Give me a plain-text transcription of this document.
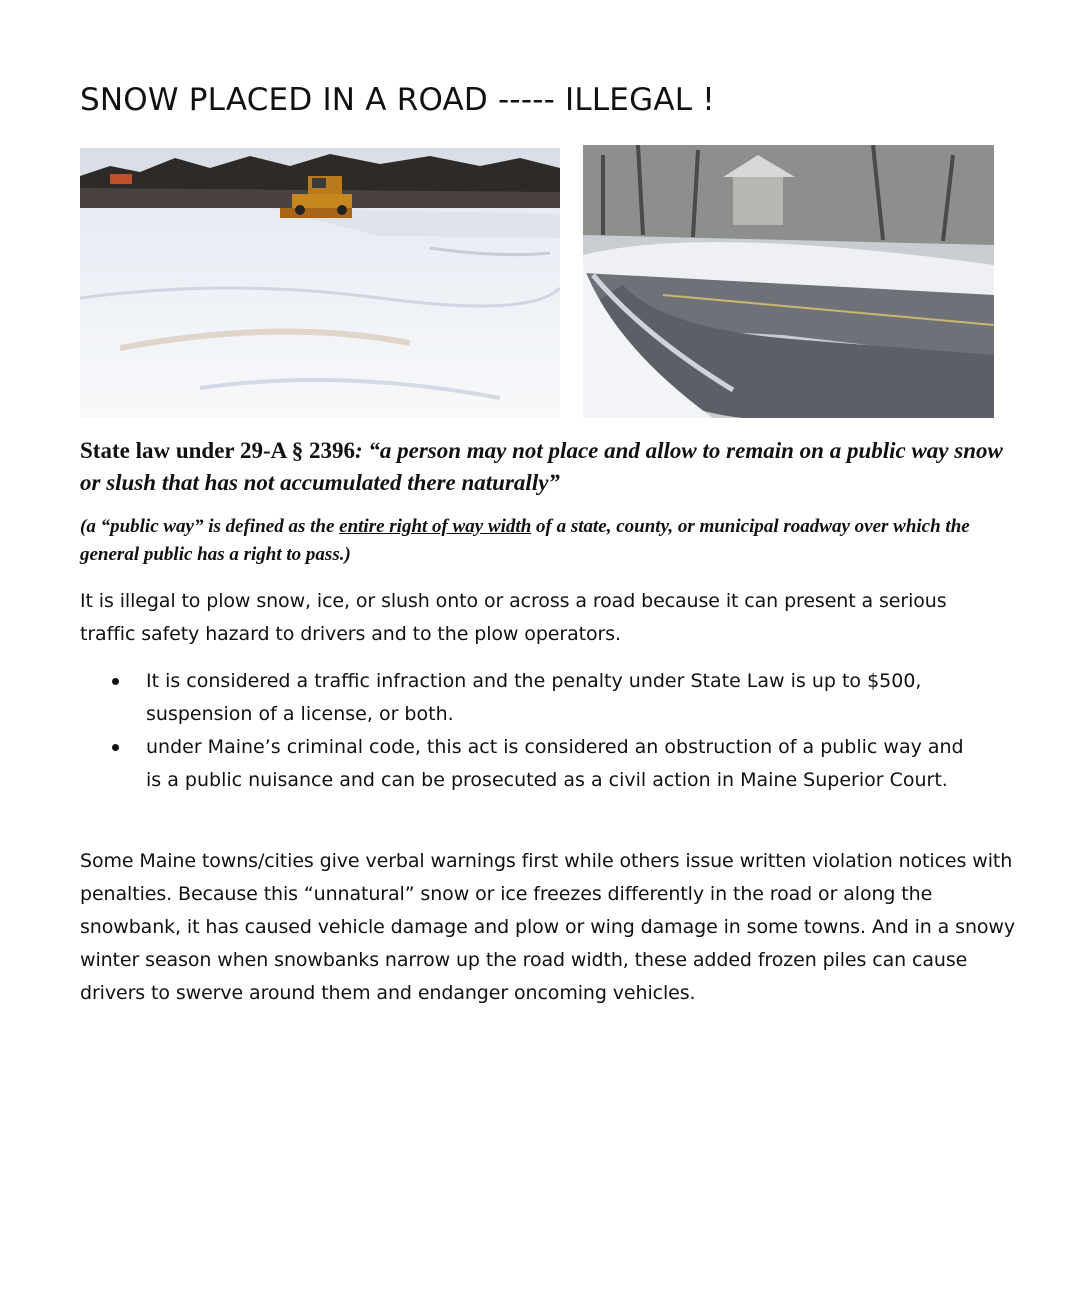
SNOW PLACED IN A ROAD ----- ILLEGAL !

State law under 29-A § 2396: “a person may not place and allow to remain on a public way snow or slush that has not accumulated there naturally”

(a “public way” is defined as the entire right of way width of a state, county, or municipal roadway over which the general public has a right to pass.)

It is illegal to plow snow, ice, or slush onto or across a road because it can present a serious traffic safety hazard to drivers and to the plow operators.

It is considered a traffic infraction and the penalty under State Law is up to $500, suspension of a license, or both.
under Maine’s criminal code, this act is considered an obstruction of a public way and is a public nuisance and can be prosecuted as a civil action in Maine Superior Court.

Some Maine towns/cities give verbal warnings first while others issue written violation notices with penalties. Because this “unnatural” snow or ice freezes differently in the road or along the snowbank, it has caused vehicle damage and plow or wing damage in some towns. And in a snowy winter season when snowbanks narrow up the road width, these added frozen piles can cause drivers to swerve around them and endanger oncoming vehicles.
